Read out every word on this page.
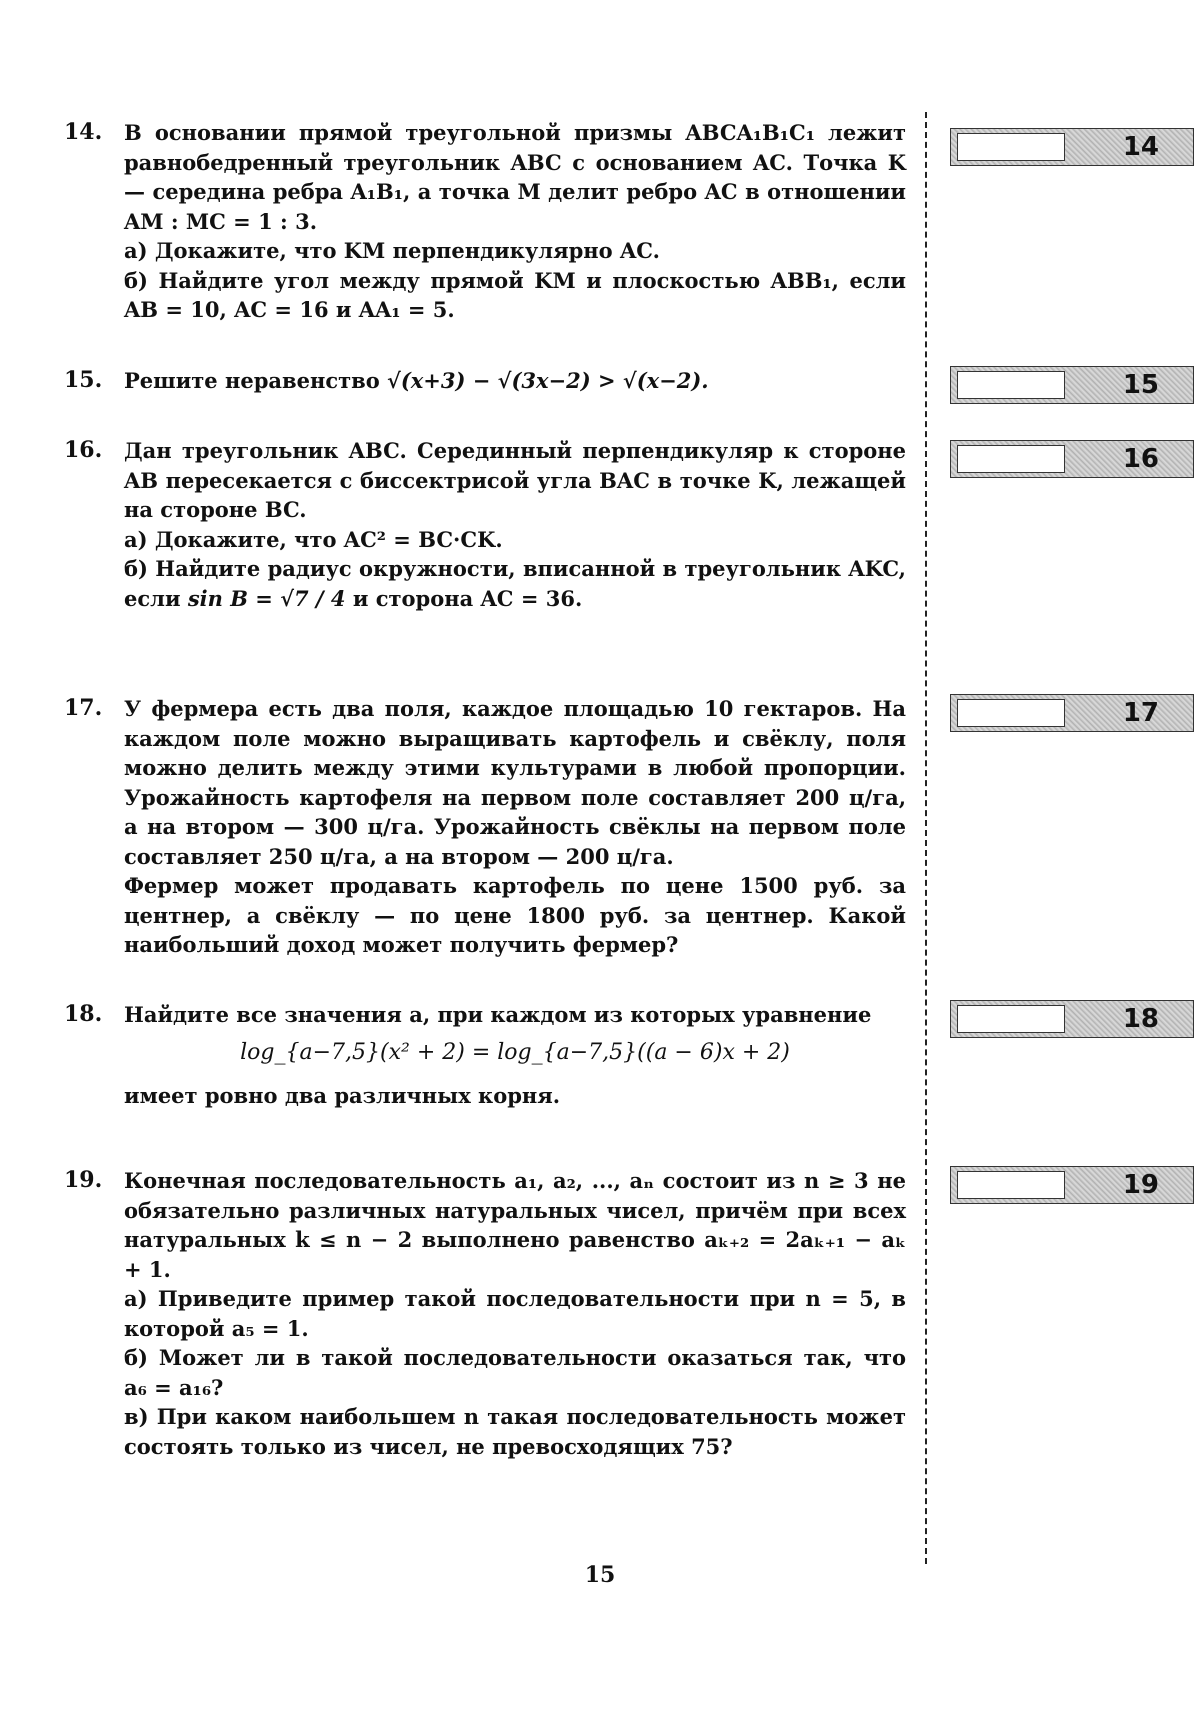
14. В основании прямой треугольной призмы ABCA₁B₁C₁ лежит равнобедренный треугольник ABC с основанием AC. Точка K — середина ребра A₁B₁, а точка M делит ребро AC в отношении AM : MC = 1 : 3.

а) Докажите, что KM перпендикулярно AC.

б) Найдите угол между прямой KM и плоскостью ABB₁, если AB = 10, AC = 16 и AA₁ = 5.

15. Решите неравенство √(x+3) − √(3x−2) > √(x−2).

16. Дан треугольник ABC. Серединный перпендикуляр к стороне AB пересекается с биссектрисой угла BAC в точке K, лежащей на стороне BC.

а) Докажите, что AC² = BC·CK.

б) Найдите радиус окружности, вписанной в треугольник AKC, если sin B = √7 / 4 и сторона AC = 36.

17. У фермера есть два поля, каждое площадью 10 гектаров. На каждом поле можно выращивать картофель и свёклу, поля можно делить между этими культурами в любой пропорции. Урожайность картофеля на первом поле составляет 200 ц/га, а на втором — 300 ц/га. Урожайность свёклы на первом поле составляет 250 ц/га, а на втором — 200 ц/га.

Фермер может продавать картофель по цене 1500 руб. за центнер, а свёклу — по цене 1800 руб. за центнер. Какой наибольший доход может получить фермер?

18. Найдите все значения a, при каждом из которых уравнение

log_{a−7,5}(x² + 2) = log_{a−7,5}((a − 6)x + 2)

имеет ровно два различных корня.

19. Конечная последовательность a₁, a₂, ..., aₙ состоит из n ≥ 3 не обязательно различных натуральных чисел, причём при всех натуральных k ≤ n − 2 выполнено равенство aₖ₊₂ = 2aₖ₊₁ − aₖ + 1.

а) Приведите пример такой последовательности при n = 5, в которой a₅ = 1.

б) Может ли в такой последовательности оказаться так, что a₆ = a₁₆?

в) При каком наибольшем n такая последовательность может состоять только из чисел, не превосходящих 75?

14
15
16
17
18
19
15
